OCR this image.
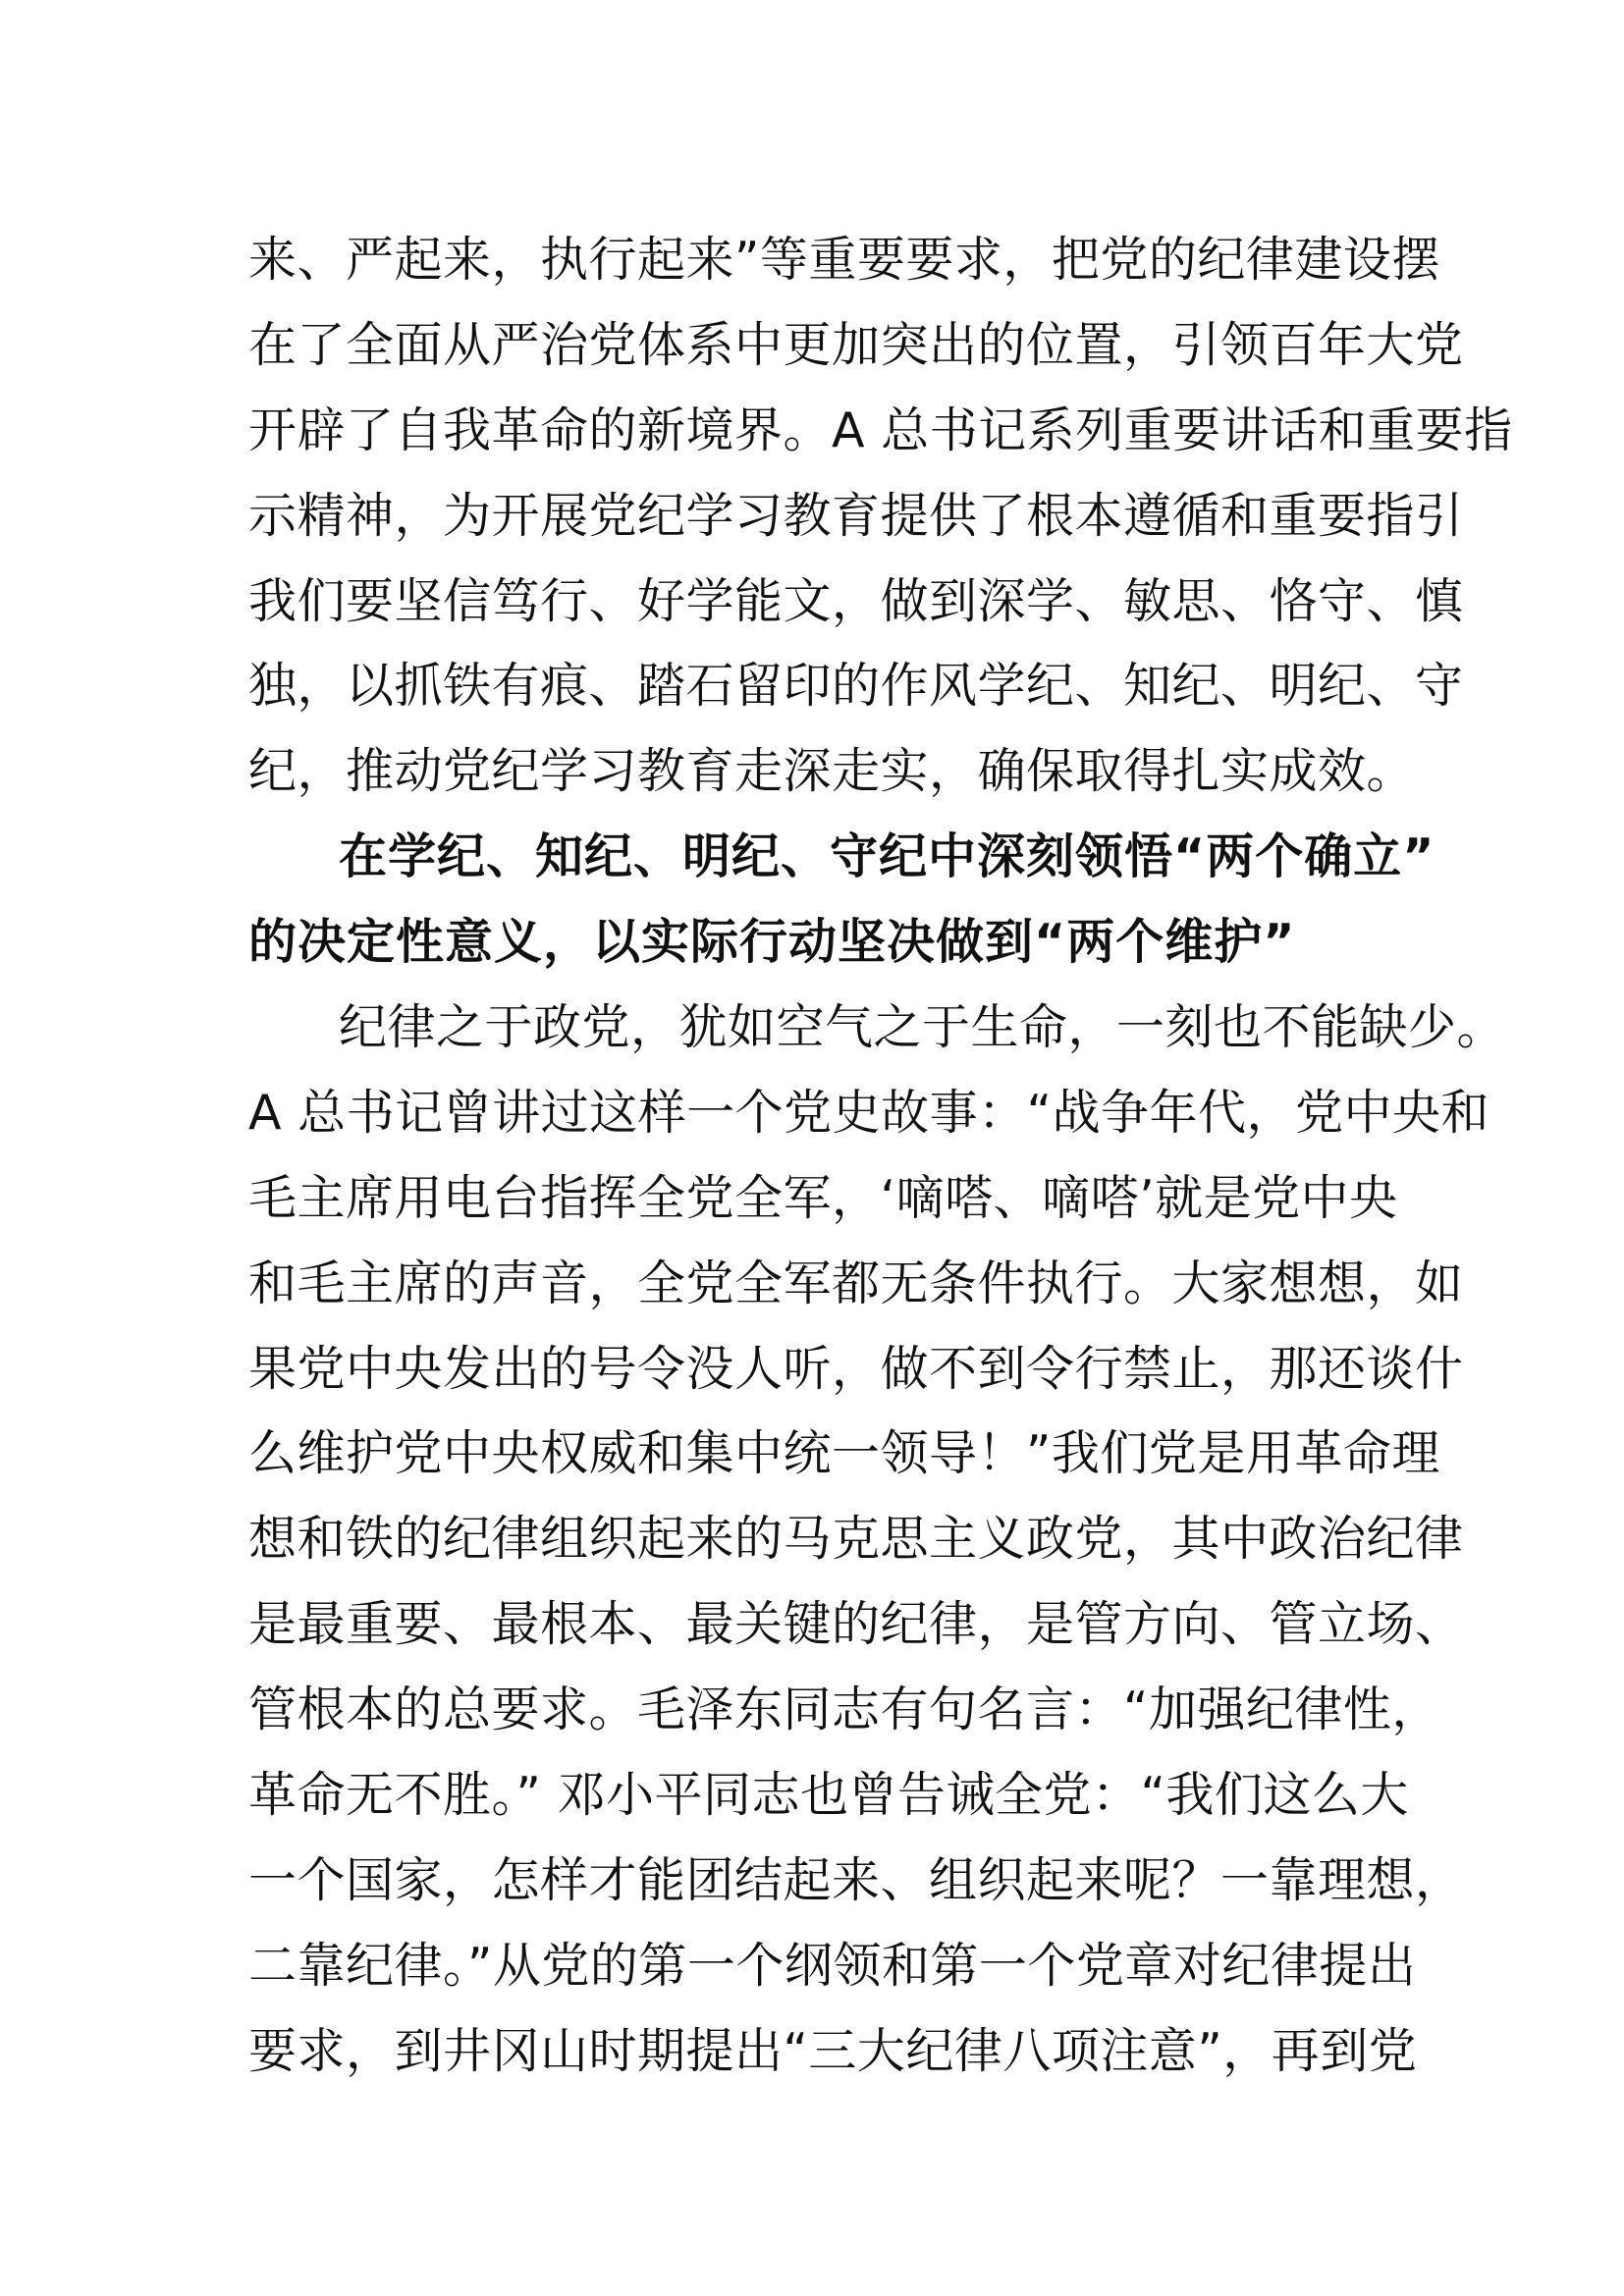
来、严起来，执行起来”等重要要求，把党的纪律建设摆
在了全面从严治党体系中更加突出的位置，引领百年大党
开辟了自我革命的新境界。A 总书记系列重要讲话和重要指
示精神，为开展党纪学习教育提供了根本遵循和重要指引
我们要坚信笃行、好学能文，做到深学、敏思、恪守、慎
独，以抓铁有痕、踏石留印的作风学纪、知纪、明纪、守
纪，推动党纪学习教育走深走实，确保取得扎实成效。
在学纪、知纪、明纪、守纪中深刻领悟“两个确立”
的决定性意义，以实际行动坚决做到“两个维护”
纪律之于政党，犹如空气之于生命，一刻也不能缺少。
A 总书记曾讲过这样一个党史故事：“战争年代，党中央和
毛主席用电台指挥全党全军，‘嘀嗒、嘀嗒’就是党中央
和毛主席的声音，全党全军都无条件执行。大家想想，如
果党中央发出的号令没人听，做不到令行禁止，那还谈什
么维护党中央权威和集中统一领导！”我们党是用革命理
想和铁的纪律组织起来的马克思主义政党，其中政治纪律
是最重要、最根本、最关键的纪律，是管方向、管立场、
管根本的总要求。毛泽东同志有句名言：“加强纪律性，
革命无不胜。” 邓小平同志也曾告诫全党：“我们这么大
一个国家，怎样才能团结起来、组织起来呢？一靠理想，
二靠纪律。”从党的第一个纲领和第一个党章对纪律提出
要求，到井冈山时期提出“三大纪律八项注意”，再到党
